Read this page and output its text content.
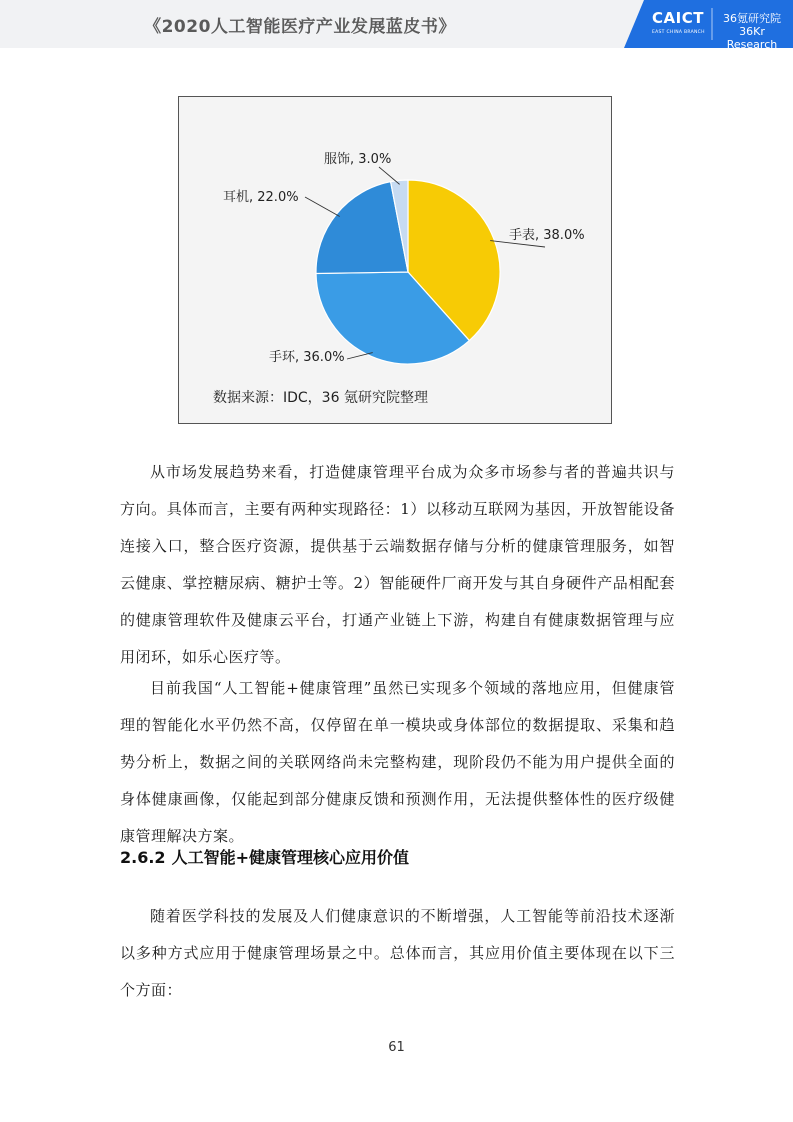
《2020人工智能医疗产业发展蓝皮书》	CAICT
EAST CHINA BRANCH
36氪研究院
36Kr Research
手表, 38.0%
手环, 36.0%
耳机, 22.0%
服饰, 3.0%
数据来源：IDC，36 氪研究院整理

从市场发展趋势来看，打造健康管理平台成为众多市场参与者的普遍共识与方向。具体而言，主要有两种实现路径：1）以移动互联网为基因，开放智能设备连接入口，整合医疗资源，提供基于云端数据存储与分析的健康管理服务，如智云健康、掌控糖尿病、糖护士等。2）智能硬件厂商开发与其自身硬件产品相配套的健康管理软件及健康云平台，打通产业链上下游，构建自有健康数据管理与应用闭环，如乐心医疗等。

目前我国“人工智能+健康管理”虽然已实现多个领域的落地应用，但健康管理的智能化水平仍然不高，仅停留在单一模块或身体部位的数据提取、采集和趋势分析上，数据之间的关联网络尚未完整构建，现阶段仍不能为用户提供全面的身体健康画像，仅能起到部分健康反馈和预测作用，无法提供整体性的医疗级健康管理解决方案。

2.6.2 人工智能+健康管理核心应用价值

随着医学科技的发展及人们健康意识的不断增强，人工智能等前沿技术逐渐以多种方式应用于健康管理场景之中。总体而言，其应用价值主要体现在以下三个方面：

61
